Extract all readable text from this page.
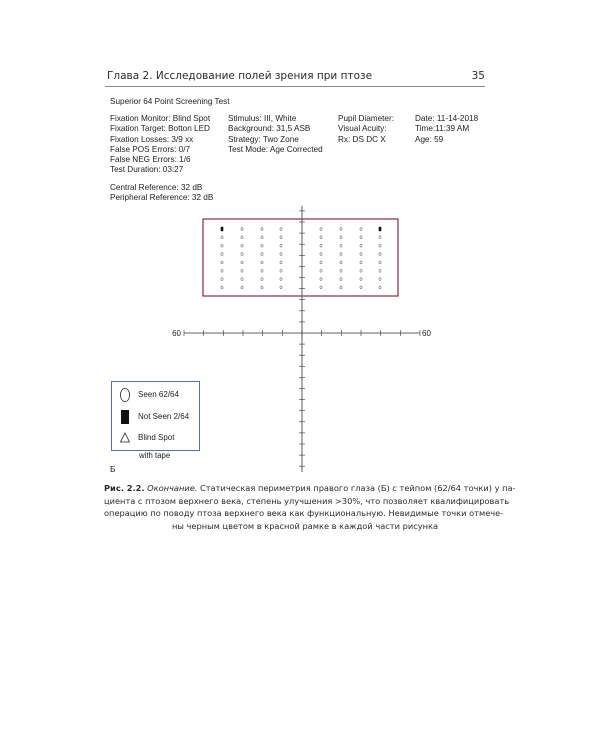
Глава 2. Исследование полей зрения при птозе	35
Superior 64 Point Screening Test
Fixation Monitor: Blind Spot
Fixation Target: Botton LED
Fixation Losses: 3/9 xx
False POS Errors: 0/7
False NEG Errors: 1/6
Test Duration: 03:27
Stimulus: III, White
Background: 31,5 ASB
Strategy: Two Zone
Test Mode: Age Corrected
Pupil Diameter:
Visual Acuity:
Rx: DS DC X
Date: 11-14-2018
Time:11:39 AM
Age: 59
Central Reference: 32 dB
Peripheral Reference: 32 dB
60	60
Seen 62/64
Not Seen 2/64
Blind Spot
with tape
Б
Рис. 2.2. Окончание. Статическая периметрия правого глаза (Б) с тейпом (62/64 точки) у па-
циента с птозом верхнего века, степень улучшения >30%, что позволяет квалифицировать
операцию по поводу птоза верхнего века как функциональную. Невидимые точки отмече-
ны черным цветом в красной рамке в каждой части рисунка
